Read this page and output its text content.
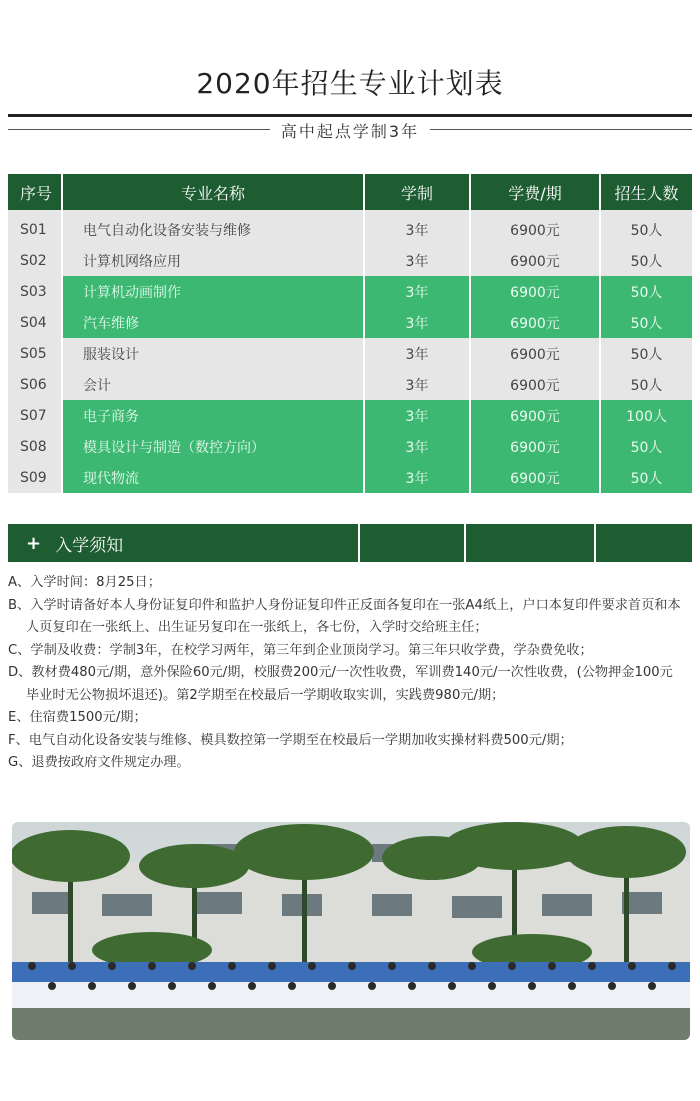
2020年招生专业计划表
高中起点学制3年
序号	专业名称	学制	学费/期	招生人数
S01	电气自动化设备安装与维修	3年	6900元	50人
S02	计算机网络应用	3年	6900元	50人
S03	计算机动画制作	3年	6900元	50人
S04	汽车维修	3年	6900元	50人
S05	服装设计	3年	6900元	50人
S06	会计	3年	6900元	50人
S07	电子商务	3年	6900元	100人
S08	模具设计与制造（数控方向）	3年	6900元	50人
S09	现代物流	3年	6900元	50人
+ 入学须知

A、入学时间：8月25日；

B、入学时请备好本人身份证复印件和监护人身份证复印件正反面各复印在一张A4纸上，户口本复印件要求首页和本

人页复印在一张纸上、出生证另复印在一张纸上，各七份，入学时交给班主任；

C、学制及收费：学制3年，在校学习两年，第三年到企业顶岗学习。第三年只收学费，学杂费免收；

D、教材费480元/期，意外保险60元/期，校服费200元/一次性收费，军训费140元/一次性收费，(公物押金100元

毕业时无公物损坏退还)。第2学期至在校最后一学期收取实训，实践费980元/期；

E、住宿费1500元/期；

F、电气自动化设备安装与维修、模具数控第一学期至在校最后一学期加收实操材料费500元/期；

G、退费按政府文件规定办理。
